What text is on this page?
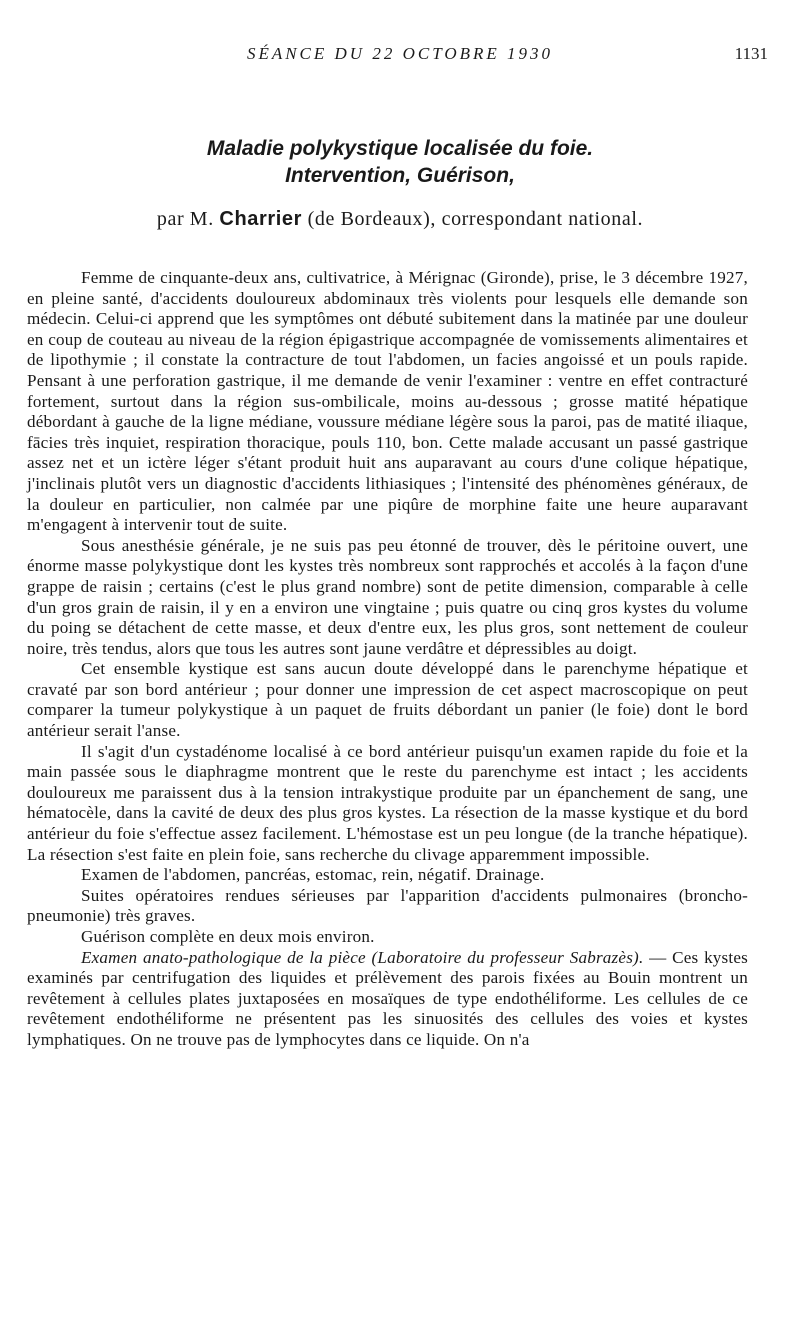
SÉANCE DU 22 OCTOBRE 1930	1131
Maladie polykystique localisée du foie.
Intervention, Guérison,
par M. Charrier (de Bordeaux), correspondant national.

Femme de cinquante-deux ans, cultivatrice, à Mérignac (Gironde), prise, le 3 décembre 1927, en pleine santé, d'accidents douloureux abdominaux très violents pour lesquels elle demande son médecin. Celui-ci apprend que les symptômes ont débuté subitement dans la matinée par une douleur en coup de couteau au niveau de la région épigastrique accompagnée de vomissements alimentaires et de lipothymie ; il constate la contracture de tout l'abdomen, un facies angoissé et un pouls rapide. Pensant à une perforation gastrique, il me demande de venir l'examiner : ventre en effet contracturé fortement, surtout dans la région sus-ombilicale, moins au-dessous ; grosse matité hépatique débordant à gauche de la ligne médiane, voussure médiane légère sous la paroi, pas de matité iliaque, fācies très inquiet, respiration thoracique, pouls 110, bon. Cette malade accusant un passé gastrique assez net et un ictère léger s'étant produit huit ans auparavant au cours d'une colique hépatique, j'inclinais plutôt vers un diagnostic d'accidents lithiasiques ; l'intensité des phénomènes généraux, de la douleur en particulier, non calmée par une piqûre de morphine faite une heure auparavant m'engagent à intervenir tout de suite.

Sous anesthésie générale, je ne suis pas peu étonné de trouver, dès le péritoine ouvert, une énorme masse polykystique dont les kystes très nombreux sont rapprochés et accolés à la façon d'une grappe de raisin ; certains (c'est le plus grand nombre) sont de petite dimension, comparable à celle d'un gros grain de raisin, il y en a environ une vingtaine ; puis quatre ou cinq gros kystes du volume du poing se détachent de cette masse, et deux d'entre eux, les plus gros, sont nettement de couleur noire, très tendus, alors que tous les autres sont jaune verdâtre et dépressibles au doigt.

Cet ensemble kystique est sans aucun doute développé dans le parenchyme hépatique et cravaté par son bord antérieur ; pour donner une impression de cet aspect macroscopique on peut comparer la tumeur polykystique à un paquet de fruits débordant un panier (le foie) dont le bord antérieur serait l'anse.

Il s'agit d'un cystadénome localisé à ce bord antérieur puisqu'un examen rapide du foie et la main passée sous le diaphragme montrent que le reste du parenchyme est intact ; les accidents douloureux me paraissent dus à la tension intrakystique produite par un épanchement de sang, une hématocèle, dans la cavité de deux des plus gros kystes. La résection de la masse kystique et du bord antérieur du foie s'effectue assez facilement. L'hémostase est un peu longue (de la tranche hépatique). La résection s'est faite en plein foie, sans recherche du clivage apparemment impossible.

Examen de l'abdomen, pancréas, estomac, rein, négatif. Drainage.

Suites opératoires rendues sérieuses par l'apparition d'accidents pulmonaires (broncho-pneumonie) très graves.

Guérison complète en deux mois environ.

Examen anato-pathologique de la pièce (Laboratoire du professeur Sabrazès). — Ces kystes examinés par centrifugation des liquides et prélèvement des parois fixées au Bouin montrent un revêtement à cellules plates juxtaposées en mosaïques de type endothéliforme. Les cellules de ce revêtement endothéliforme ne présentent pas les sinuosités des cellules des voies et kystes lymphatiques. On ne trouve pas de lymphocytes dans ce liquide. On n'a
